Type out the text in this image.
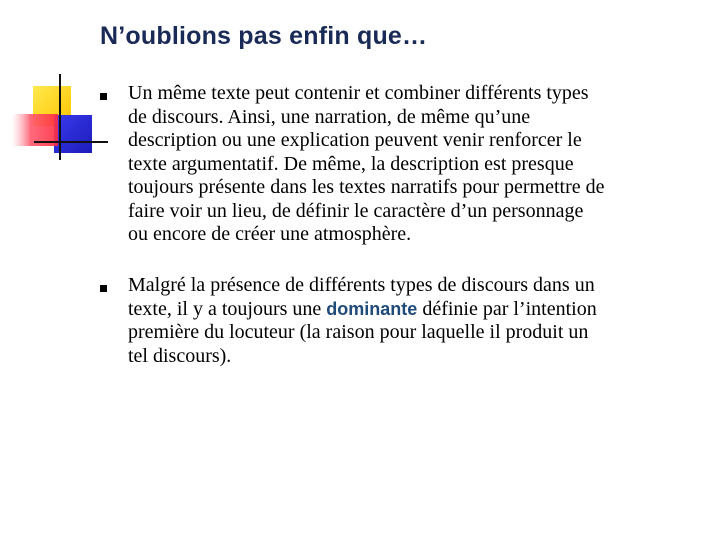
N’oublions pas enfin que…
Un même texte peut contenir et combiner différents types
de discours. Ainsi, une narration, de même qu’une
description ou une explication peuvent venir renforcer le
texte argumentatif. De même, la description est presque
toujours présente dans les textes narratifs pour permettre de
faire voir un lieu, de définir le caractère d’un personnage
ou encore de créer une atmosphère.
Malgré la présence de différents types de discours dans un
texte, il y a toujours une dominante définie par l’intention
première du locuteur (la raison pour laquelle il produit un
tel discours).
